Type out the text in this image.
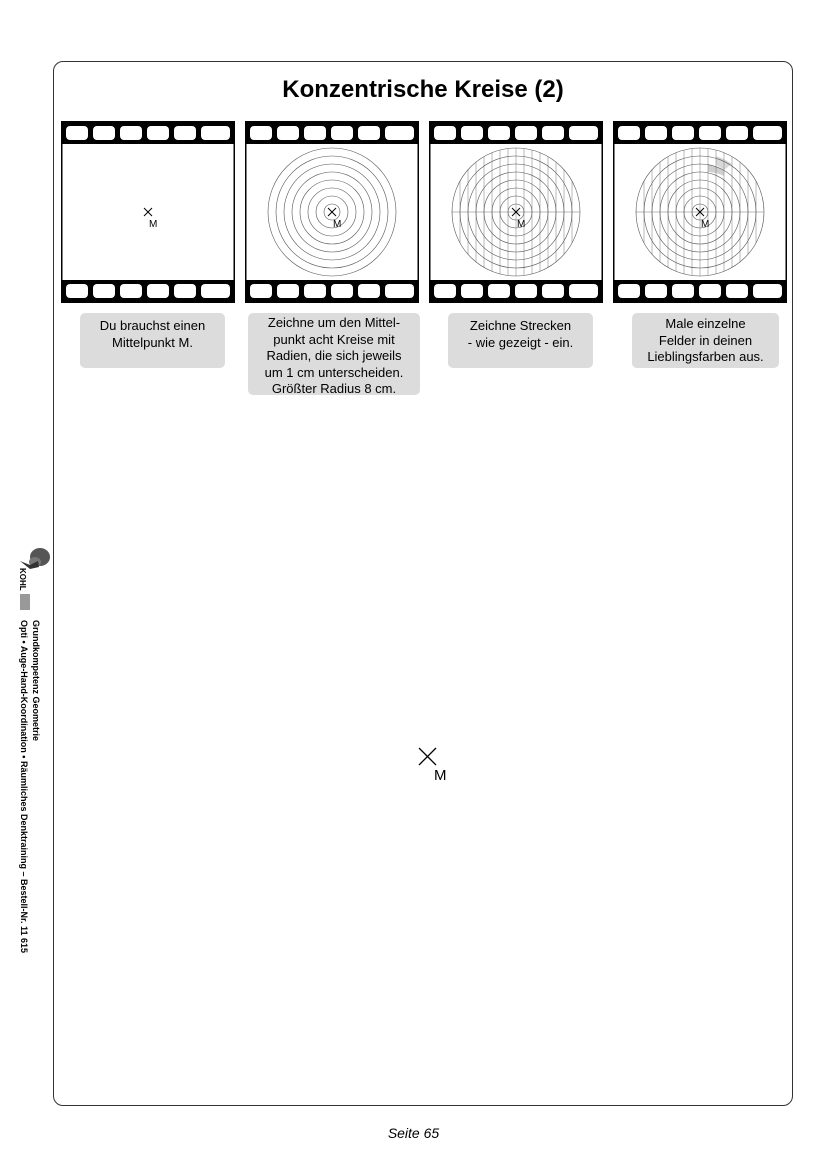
Konzentrische Kreise (2)
M	M	M	M
Du brauchst einen
Mittelpunkt M.
Zeichne um den Mittel-
punkt acht Kreise mit
Radien, die sich jeweils
um 1 cm unterscheiden.
Größter Radius 8 cm.
Zeichne Strecken
- wie gezeigt - ein.
Male einzelne
Felder in deinen
Lieblingsfarben aus.
M
KOHL
Grundkompetenz Geometrie
Opti • Auge-Hand-Koordination • Räumliches Denktraining – Bestell-Nr. 11 615
Seite 65
